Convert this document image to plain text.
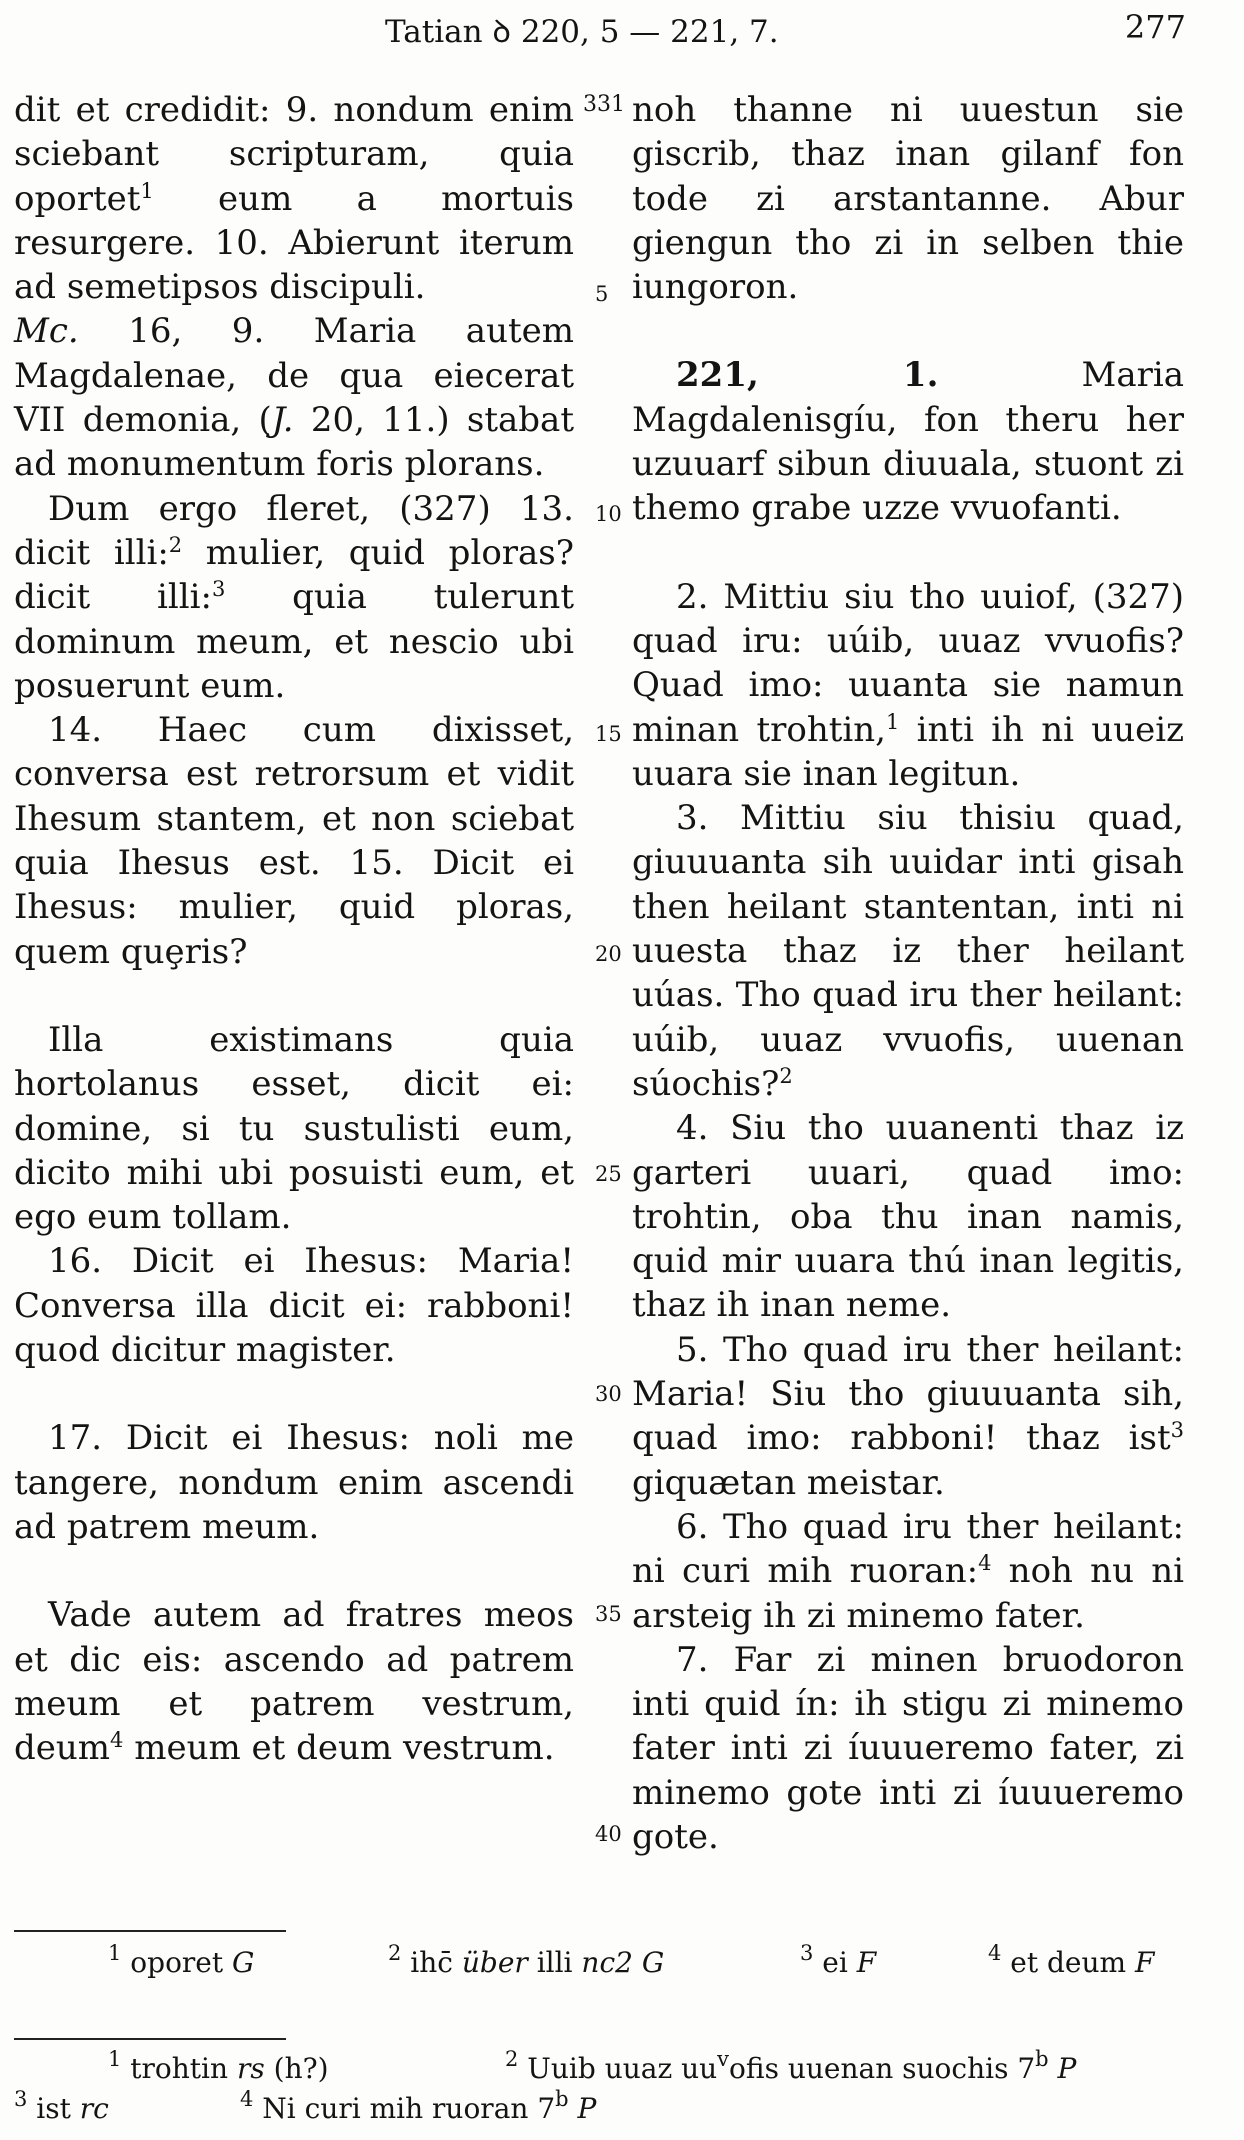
Tatian ꝺ 220, 5 — 221, 7.	277

dit et credidit: 9. nondum enim sciebant scripturam, quia oportet$^1$ eum a mortuis resurgere. 10. Abierunt iterum ad semetipsos discipuli.

Mc. 16, 9. Maria autem Magdalenae, de qua eiecerat VII demonia, (J. 20, 11.) stabat ad monumentum foris plorans.

Dum ergo fleret, (327) 13. dicit illi:$^2$ mulier, quid ploras? dicit illi:$^3$ quia tulerunt dominum meum, et nescio ubi posuerunt eum.

14. Haec cum dixisset, conversa est retrorsum et vidit Ihesum stantem, et non sciebat quia Ihesus est. 15. Dicit ei Ihesus: mulier, quid ploras, quem quȩris?

Illa existimans quia hortolanus esset, dicit ei: domine, si tu sustulisti eum, dicito mihi ubi posuisti eum, et ego eum tollam.

16. Dicit ei Ihesus: Maria! Conversa illa dicit ei: rabboni! quod dicitur magister.

17. Dicit ei Ihesus: noli me tangere, nondum enim ascendi ad patrem meum.

Vade autem ad fratres meos et dic eis: ascendo ad patrem meum et patrem vestrum, deum$^4$ meum et deum vestrum.

331
5
10
15
20
25
30
35
40

noh thanne ni uuestun sie giscrib, thaz inan gilanf fon tode zi arstantanne. Abur giengun tho zi in selben thie iungoron.

221, 1. Maria Magdalenisgíu, fon theru her uzuuarf sibun diuuala, stuont zi themo grabe uzze vvuofanti.

2. Mittiu siu tho uuiof, (327) quad iru: uúib, uuaz vvuofis? Quad imo: uuanta sie namun minan trohtin,$^1$ inti ih ni uueiz uuara sie inan legitun.

3. Mittiu siu thisiu quad, giuuuanta sih uuidar inti gisah then heilant stantentan, inti ni uuesta thaz iz ther heilant uúas. Tho quad iru ther heilant: uúib, uuaz vvuofis, uuenan súochis?$^2$

4. Siu tho uuanenti thaz iz garteri uuari, quad imo: trohtin, oba thu inan namis, quid mir uuara thú inan legitis, thaz ih inan neme.

5. Tho quad iru ther heilant: Maria! Siu tho giuuuanta sih, quad imo: rabboni! thaz ist$^3$ giquætan meistar.

6. Tho quad iru ther heilant: ni curi mih ruoran:$^4$ noh nu ni arsteig ih zi minemo fater.

7. Far zi minen bruodoron inti quid ín: ih stigu zi minemo fater inti zi íuuueremo fater, zi minemo gote inti zi íuuueremo gote.

$^1$ oporet G	$^2$ ihc̄ über illi nc2 G	$^3$ ei F	$^4$ et deum F
$^1$ trohtin rs (h?)	$^2$ Uuib uuaz $uu^vofis$ uuenan suochis 7$^b$ P
$^3$ ist rc	$^4$ Ni curi mih ruoran 7$^b$ P
